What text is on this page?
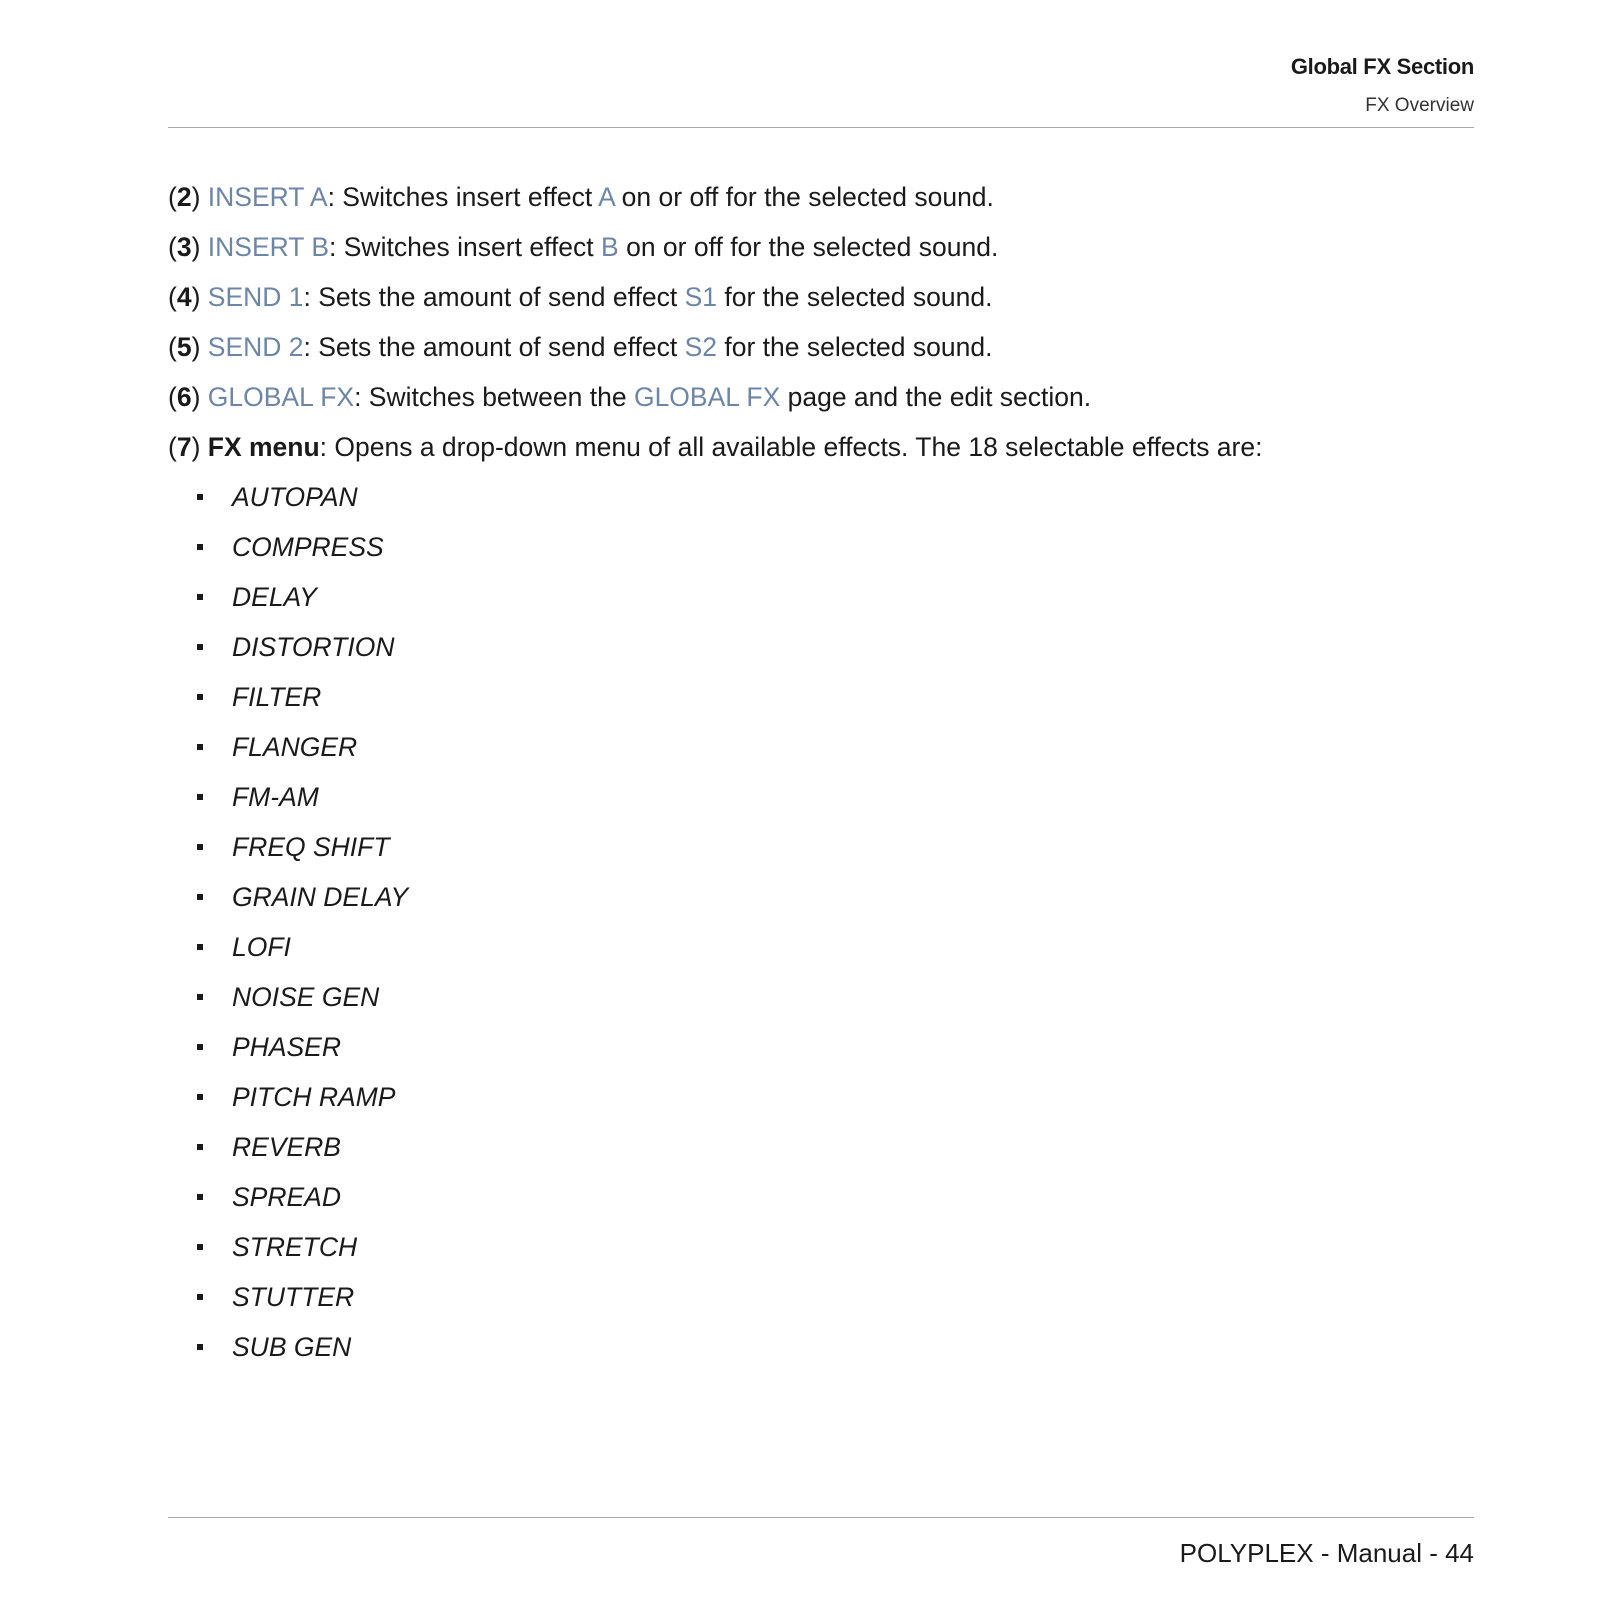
Global FX Section
FX Overview
(2) INSERT A: Switches insert effect A on or off for the selected sound.
(3) INSERT B: Switches insert effect B on or off for the selected sound.
(4) SEND 1: Sets the amount of send effect S1 for the selected sound.
(5) SEND 2: Sets the amount of send effect S2 for the selected sound.
(6) GLOBAL FX: Switches between the GLOBAL FX page and the edit section.
(7) FX menu: Opens a drop-down menu of all available effects. The 18 selectable effects are:
AUTOPAN
COMPRESS
DELAY
DISTORTION
FILTER
FLANGER
FM-AM
FREQ SHIFT
GRAIN DELAY
LOFI
NOISE GEN
PHASER
PITCH RAMP
REVERB
SPREAD
STRETCH
STUTTER
SUB GEN
POLYPLEX - Manual - 44
